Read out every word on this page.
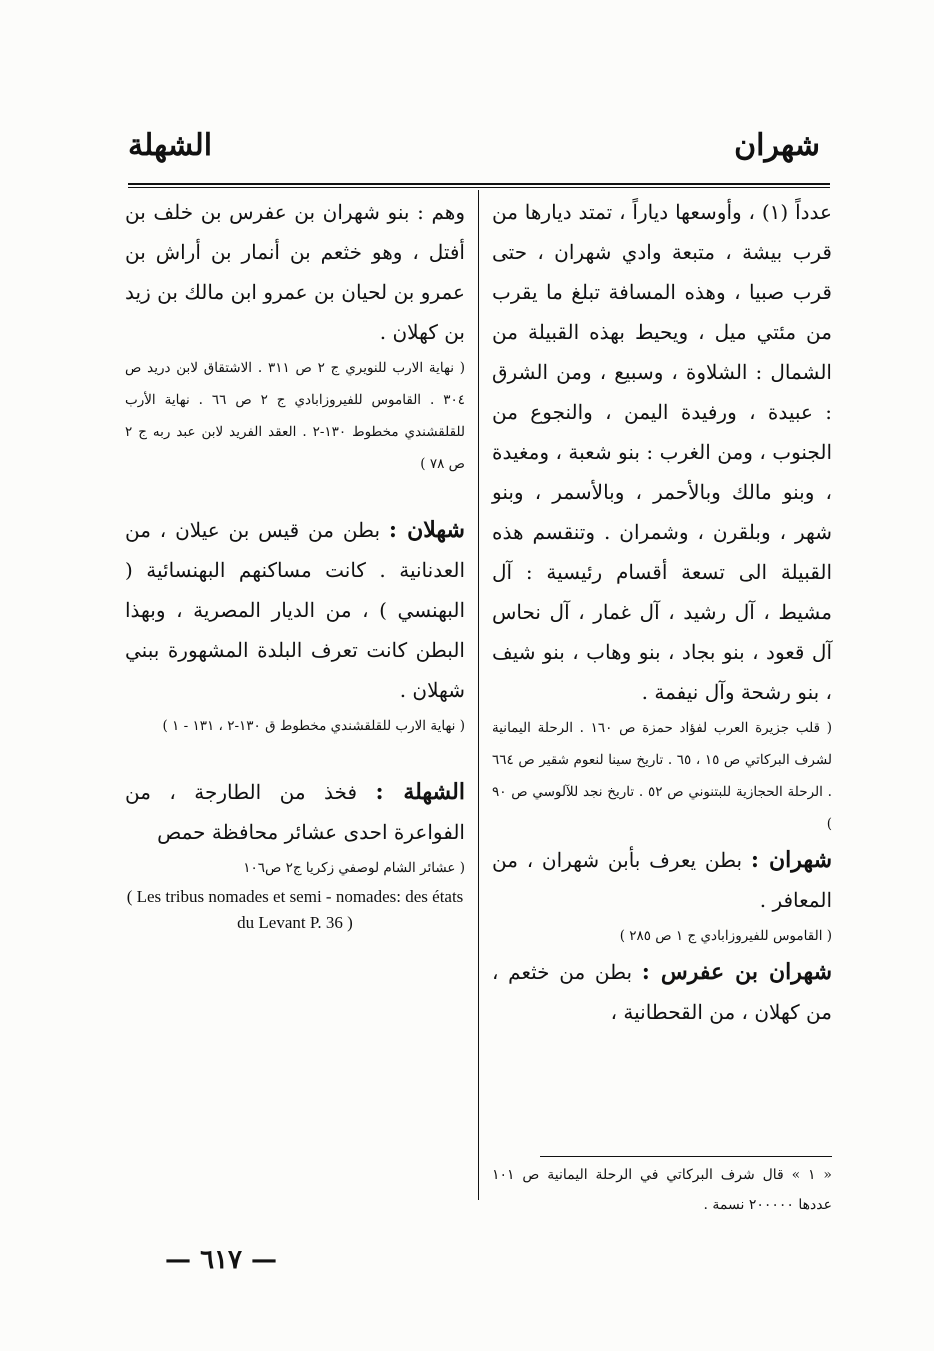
شهران
الشهلة

عدداً (١) ، وأوسعها دياراً ، تمتد ديارها من قرب بيشة ، متبعة وادي شهران ، حتى قرب صبيا ، وهذه المسافة تبلغ ما يقرب من مئتي ميل ، ويحيط بهذه القبيلة من الشمال : الشلاوة ، وسبيع ، ومن الشرق : عبيدة ، ورفيدة اليمن ، والنجوع من الجنوب ، ومن الغرب : بنو شعبة ، ومغيدة ، وبنو مالك وبالأحمر ، وبالأسمر ، وبنو شهر ، وبلقرن ، وشمران . وتنقسم هذه القبيلة الى تسعة أقسام رئيسية : آل مشيط ، آل رشيد ، آل غمار ، آل نحاس آل قعود ، بنو بجاد ، بنو وهاب ، بنو شيف ، بنو رشحة وآل نيفمة .

( قلب جزيرة العرب لفؤاد حمزة ص ١٦٠ . الرحلة اليمانية لشرف البركاتي ص ١٥ ، ٦٥ . تاريخ سينا لنعوم شقير ص ٦٦٤ . الرحلة الحجازية للبتنوني ص ٥٢ . تاريخ نجد للآلوسي ص ٩٠ )

شهران : بطن يعرف بأبن شهران ، من المعافر .

( القاموس للفيروزابادي ج ١ ص ٢٨٥ )

شهران بن عفرس : بطن من خثعم ، من كهلان ، من القحطانية ،

وهم : بنو شهران بن عفرس بن خلف بن أفتل ، وهو خثعم بن أنمار بن أراش بن عمرو بن لحيان بن عمرو ابن مالك بن زيد بن كهلان .

( نهاية الارب للنويري ج ٢ ص ٣١١ . الاشتقاق لابن دريد ص ٣٠٤ . القاموس للفيروزابادي ج ٢ ص ٦٦ . نهاية الأرب للقلقشندي مخطوط ١٣٠-٢ . العقد الفريد لابن عبد ربه ج ٢ ص ٧٨ )

شهلان : بطن من قيس بن عيلان ، من العدنانية . كانت مساكنهم البهنسائية ( البهنسي ) ، من الديار المصرية ، وبهذا البطن كانت تعرف البلدة المشهورة ببني شهلان .

( نهاية الارب للقلقشندي مخطوط ق ١٣٠-٢ ، ١٣١ - ١ )

الشهلة : فخذ من الطارجة ، من الفواعرة احدى عشائر محافظة حمص

( عشائر الشام لوصفي زكريا ج٢ ص١٠٦

( Les tribus nomades et semi - nomades: des états du Levant P. 36 )

« ١ » قال شرف البركاتي في الرحلة اليمانية ص ١٠١ عددها ٢٠٠٠٠٠ نسمة .
— ٦١٧ —
